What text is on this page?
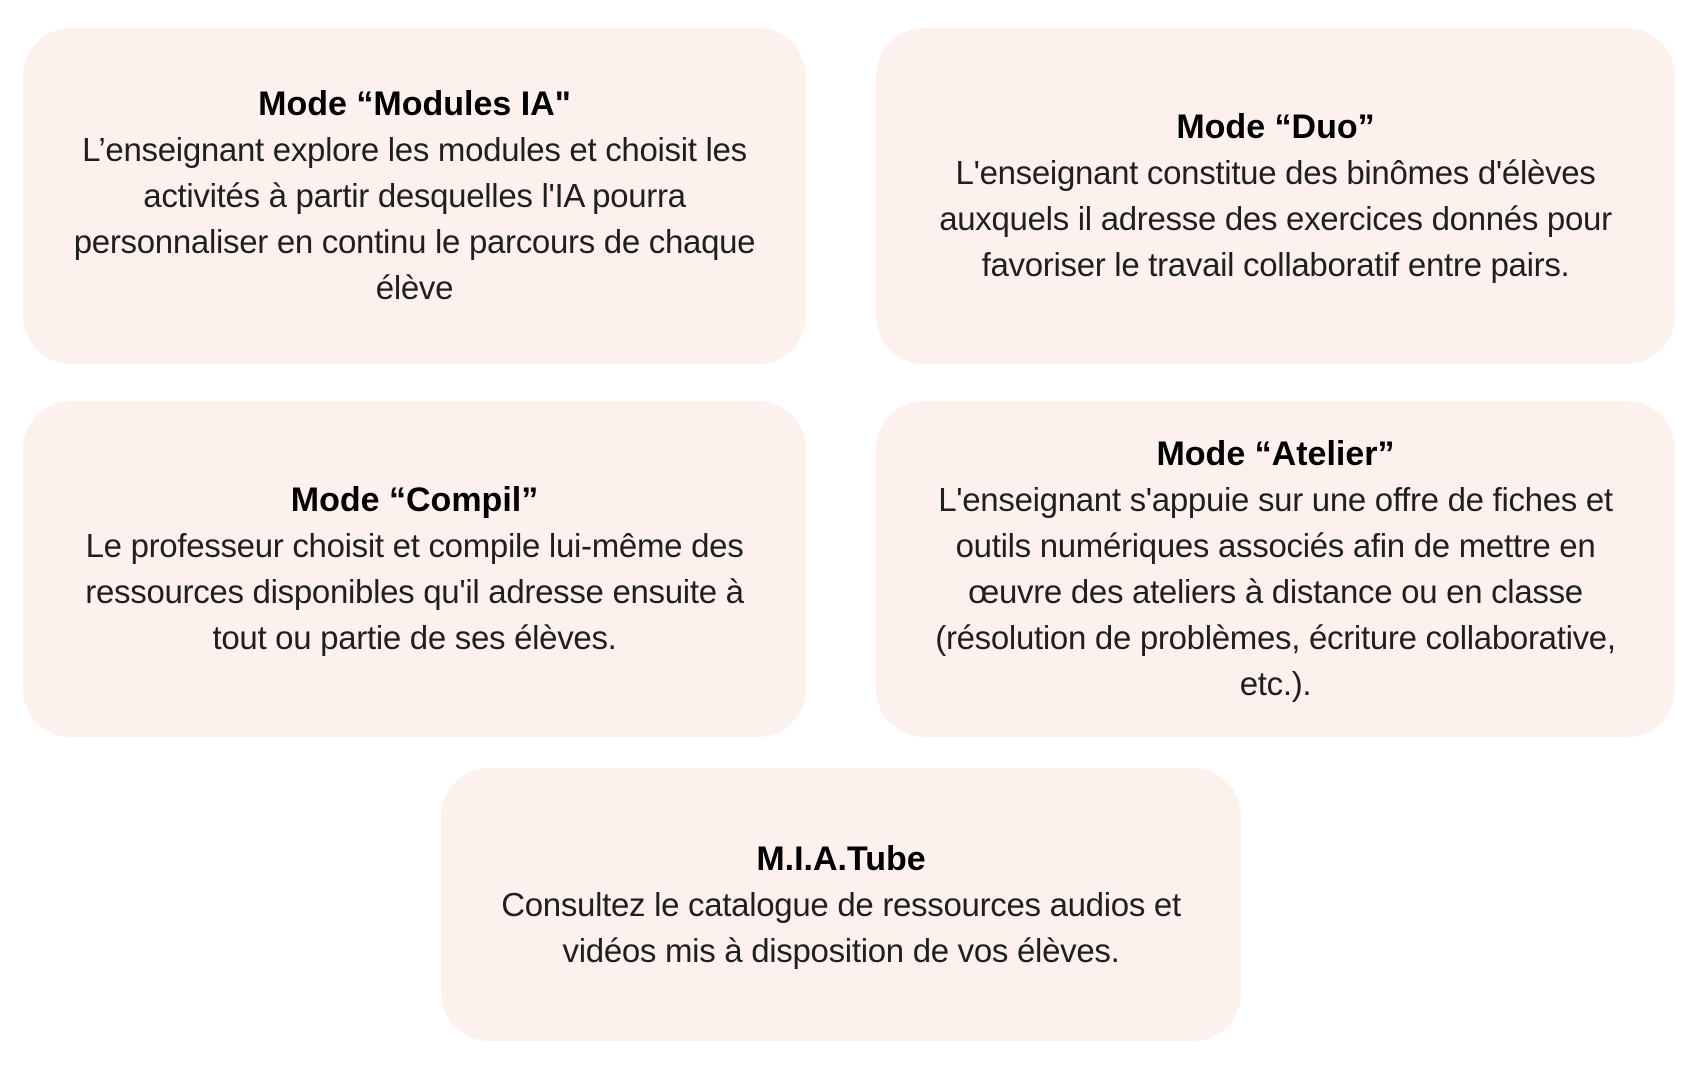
Mode “Modules IA"

L’enseignant explore les modules et choisit les activités à partir desquelles l'IA pourra personnaliser en continu le parcours de chaque élève

Mode “Duo”

L'enseignant constitue des binômes d'élèves auxquels il adresse des exercices donnés pour favoriser le travail collaboratif entre pairs.

Mode “Compil”

Le professeur choisit et compile lui-même des ressources disponibles qu'il adresse ensuite à tout ou partie de ses élèves.

Mode “Atelier”

L'enseignant s'appuie sur une offre de fiches et outils numériques associés afin de mettre en œuvre des ateliers à distance ou en classe (résolution de problèmes, écriture collaborative, etc.).

M.I.A.Tube

Consultez le catalogue de ressources audios et vidéos mis à disposition de vos élèves.
